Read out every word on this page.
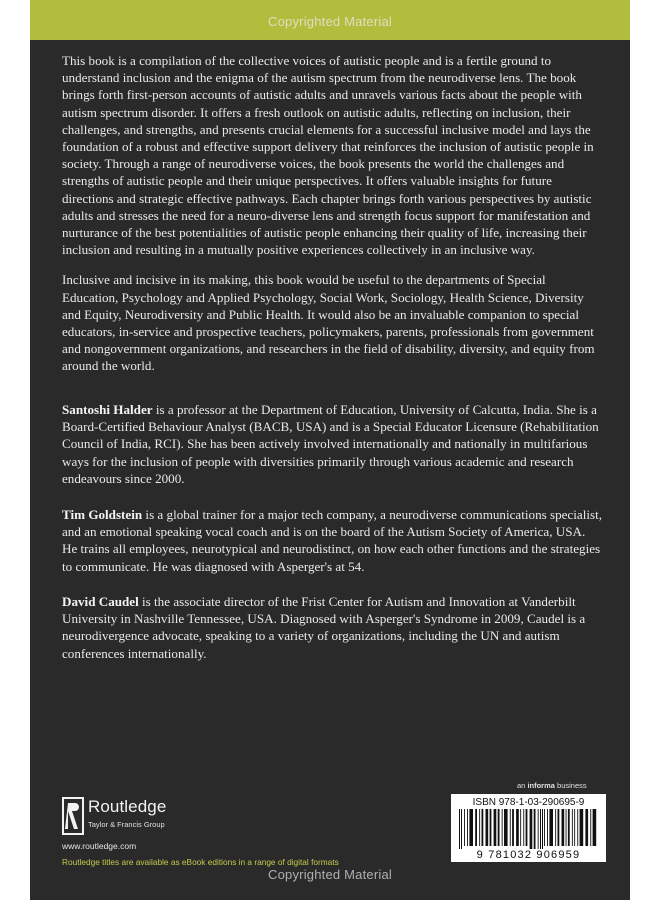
Copyrighted Material

This book is a compilation of the collective voices of autistic people and is a fertile ground to understand inclusion and the enigma of the autism spectrum from the neurodiverse lens. The book brings forth first-person accounts of autistic adults and unravels various facts about the people with autism spectrum disorder. It offers a fresh outlook on autistic adults, reflecting on inclusion, their challenges, and strengths, and presents crucial elements for a successful inclusive model and lays the foundation of a robust and effective support delivery that reinforces the inclusion of autistic people in society. Through a range of neurodiverse voices, the book presents the world the challenges and strengths of autistic people and their unique perspectives. It offers valuable insights for future directions and strategic effective pathways. Each chapter brings forth various perspectives by autistic adults and stresses the need for a neuro-diverse lens and strength focus support for manifestation and nurturance of the best potentialities of autistic people enhancing their quality of life, increasing their inclusion and resulting in a mutually positive experiences collectively in an inclusive way.

Inclusive and incisive in its making, this book would be useful to the departments of Special Education, Psychology and Applied Psychology, Social Work, Sociology, Health Science, Diversity and Equity, Neurodiversity and Public Health. It would also be an invaluable companion to special educators, in-service and prospective teachers, policymakers, parents, professionals from government and nongovernment organizations, and researchers in the field of disability, diversity, and equity from around the world.

Santoshi Halder is a professor at the Department of Education, University of Calcutta, India. She is a Board-Certified Behaviour Analyst (BACB, USA) and is a Special Educator Licensure (Rehabilitation Council of India, RCI). She has been actively involved internationally and nationally in multifarious ways for the inclusion of people with diversities primarily through various academic and research endeavours since 2000.
Tim Goldstein is a global trainer for a major tech company, a neurodiverse communications specialist, and an emotional speaking vocal coach and is on the board of the Autism Society of America, USA. He trains all employees, neurotypical and neurodistinct, on how each other functions and the strategies to communicate. He was diagnosed with Asperger's at 54.
David Caudel is the associate director of the Frist Center for Autism and Innovation at Vanderbilt University in Nashville Tennessee, USA. Diagnosed with Asperger's Syndrome in 2009, Caudel is a neurodivergence advocate, speaking to a variety of organizations, including the UN and autism conferences internationally.
Routledge
Taylor & Francis Group
www.routledge.com
Routledge titles are available as eBook editions in a range of digital formats
an informa business
ISBN 978-1-03-290695-9
9 781032 906959
Copyrighted Material
